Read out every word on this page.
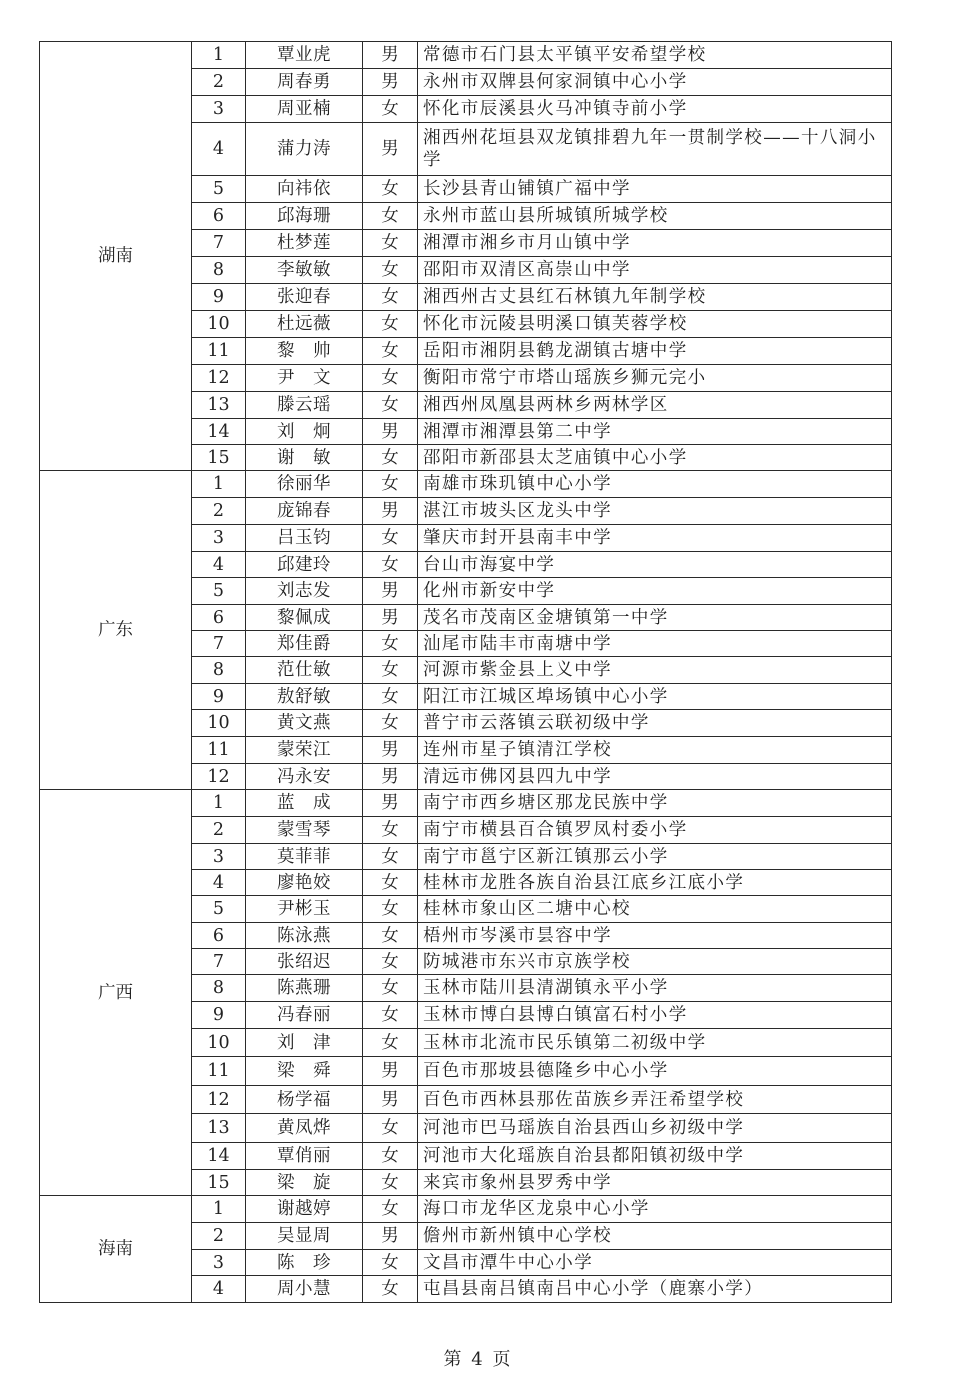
湖南	1	覃业虎	男	常德市石门县太平镇平安希望学校
	2	周春勇	男	永州市双牌县何家洞镇中心小学
	3	周亚楠	女	怀化市辰溪县火马冲镇寺前小学
	4	蒲力涛	男	湘西州花垣县双龙镇排碧九年一贯制学校——十八洞小学
	5	向祎依	女	长沙县青山铺镇广福中学
	6	邱海珊	女	永州市蓝山县所城镇所城学校
	7	杜梦莲	女	湘潭市湘乡市月山镇中学
	8	李敏敏	女	邵阳市双清区高崇山中学
	9	张迎春	女	湘西州古丈县红石林镇九年制学校
	10	杜远薇	女	怀化市沅陵县明溪口镇芙蓉学校
	11	黎　帅	女	岳阳市湘阴县鹤龙湖镇古塘中学
	12	尹　文	女	衡阳市常宁市塔山瑶族乡狮元完小
	13	滕云瑶	女	湘西州凤凰县两林乡两林学区
	14	刘　炯	男	湘潭市湘潭县第二中学
	15	谢　敏	女	邵阳市新邵县太芝庙镇中心小学
广东	1	徐丽华	女	南雄市珠玑镇中心小学
	2	庞锦春	男	湛江市坡头区龙头中学
	3	吕玉钧	女	肇庆市封开县南丰中学
	4	邱建玲	女	台山市海宴中学
	5	刘志发	男	化州市新安中学
	6	黎佩成	男	茂名市茂南区金塘镇第一中学
	7	郑佳爵	女	汕尾市陆丰市南塘中学
	8	范仕敏	女	河源市紫金县上义中学
	9	敖舒敏	女	阳江市江城区埠场镇中心小学
	10	黄文燕	女	普宁市云落镇云联初级中学
	11	蒙荣江	男	连州市星子镇清江学校
	12	冯永安	男	清远市佛冈县四九中学
广西	1	蓝　成	男	南宁市西乡塘区那龙民族中学
	2	蒙雪琴	女	南宁市横县百合镇罗凤村委小学
	3	莫菲菲	女	南宁市邕宁区新江镇那云小学
	4	廖艳姣	女	桂林市龙胜各族自治县江底乡江底小学
	5	尹彬玉	女	桂林市象山区二塘中心校
	6	陈泳燕	女	梧州市岑溪市昙容中学
	7	张绍迟	女	防城港市东兴市京族学校
	8	陈燕珊	女	玉林市陆川县清湖镇永平小学
	9	冯春丽	女	玉林市博白县博白镇富石村小学
	10	刘　津	女	玉林市北流市民乐镇第二初级中学
	11	梁　舜	男	百色市那坡县德隆乡中心小学
	12	杨学福	男	百色市西林县那佐苗族乡弄汪希望学校
	13	黄凤烨	女	河池市巴马瑶族自治县西山乡初级中学
	14	覃俏丽	女	河池市大化瑶族自治县都阳镇初级中学
	15	梁　旋	女	来宾市象州县罗秀中学
海南	1	谢越婷	女	海口市龙华区龙泉中心小学
	2	吴显周	男	儋州市新州镇中心学校
	3	陈　珍	女	文昌市潭牛中心小学
	4	周小慧	女	屯昌县南吕镇南吕中心小学（鹿寨小学）
第 4 页
